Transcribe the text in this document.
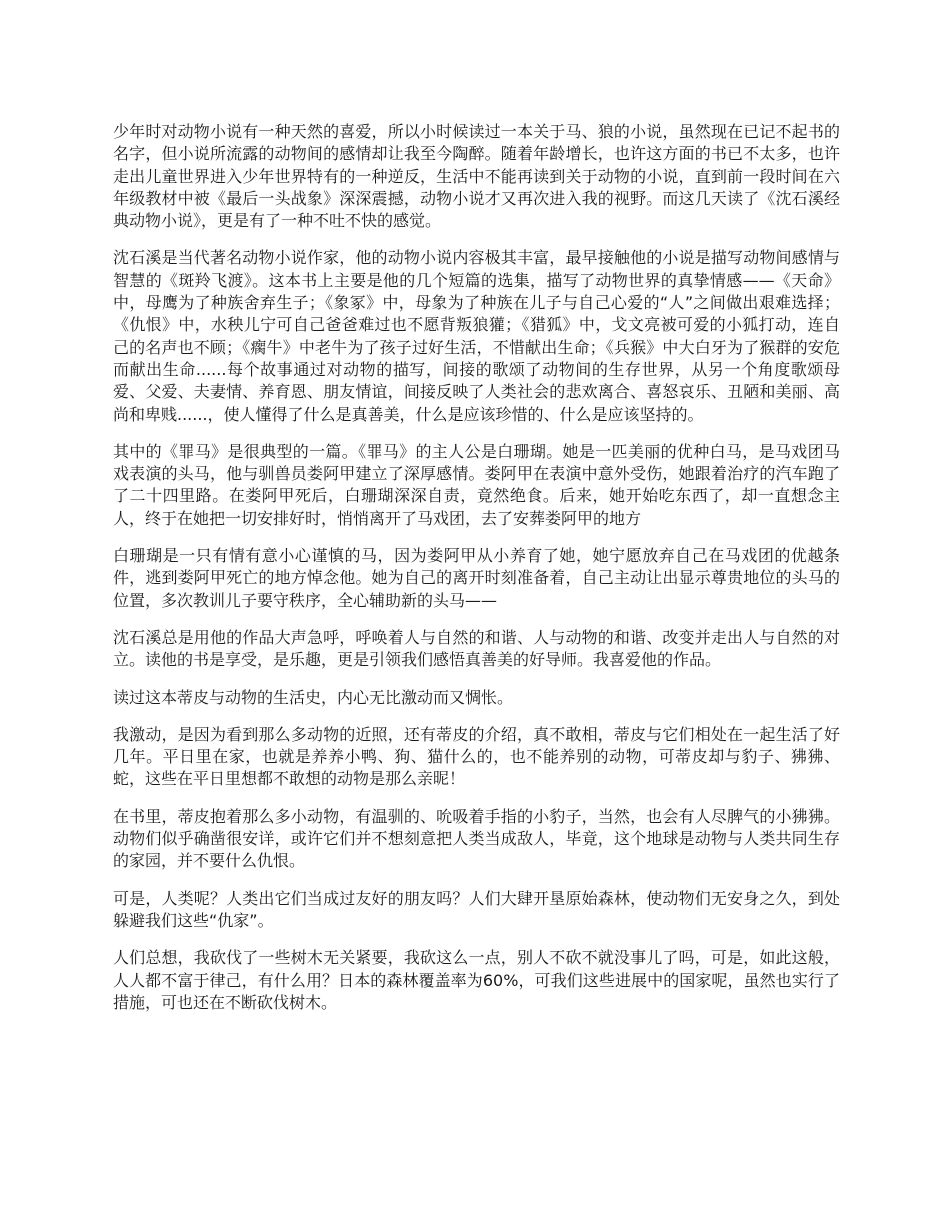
少年时对动物小说有一种天然的喜爱，所以小时候读过一本关于马、狼的小说，虽然现在已记不起书的名字，但小说所流露的动物间的感情却让我至今陶醉。随着年龄增长，也许这方面的书已不太多，也许走出儿童世界进入少年世界特有的一种逆反，生活中不能再读到关于动物的小说，直到前一段时间在六年级教材中被《最后一头战象》深深震撼，动物小说才又再次进入我的视野。而这几天读了《沈石溪经典动物小说》，更是有了一种不吐不快的感觉。

沈石溪是当代著名动物小说作家，他的动物小说内容极其丰富，最早接触他的小说是描写动物间感情与智慧的《斑羚飞渡》。这本书上主要是他的几个短篇的选集，描写了动物世界的真挚情感——《天命》中，母鹰为了种族舍弃生子；《象冢》中，母象为了种族在儿子与自己心爱的“人”之间做出艰难选择；《仇恨》中，水秧儿宁可自己爸爸难过也不愿背叛狼獾；《猎狐》中，戈文亮被可爱的小狐打动，连自己的名声也不顾；《瘸牛》中老牛为了孩子过好生活，不惜献出生命；《兵猴》中大白牙为了猴群的安危而献出生命......每个故事通过对动物的描写，间接的歌颂了动物间的生存世界，从另一个角度歌颂母爱、父爱、夫妻情、养育恩、朋友情谊，间接反映了人类社会的悲欢离合、喜怒哀乐、丑陋和美丽、高尚和卑贱......，使人懂得了什么是真善美，什么是应该珍惜的、什么是应该坚持的。

其中的《罪马》是很典型的一篇。《罪马》的主人公是白珊瑚。她是一匹美丽的优种白马，是马戏团马戏表演的头马，他与驯兽员娄阿甲建立了深厚感情。娄阿甲在表演中意外受伤，她跟着治疗的汽车跑了了二十四里路。在娄阿甲死后，白珊瑚深深自责，竟然绝食。后来，她开始吃东西了，却一直想念主人，终于在她把一切安排好时，悄悄离开了马戏团，去了安葬娄阿甲的地方

白珊瑚是一只有情有意小心谨慎的马，因为娄阿甲从小养育了她，她宁愿放弃自己在马戏团的优越条件，逃到娄阿甲死亡的地方悼念他。她为自己的离开时刻准备着，自己主动让出显示尊贵地位的头马的位置，多次教训儿子要守秩序，全心辅助新的头马——

沈石溪总是用他的作品大声急呼，呼唤着人与自然的和谐、人与动物的和谐、改变并走出人与自然的对立。读他的书是享受，是乐趣，更是引领我们感悟真善美的好导师。我喜爱他的作品。

读过这本蒂皮与动物的生活史，内心无比激动而又惆怅。

我激动，是因为看到那么多动物的近照，还有蒂皮的介绍，真不敢相，蒂皮与它们相处在一起生活了好几年。平日里在家，也就是养养小鸭、狗、猫什么的，也不能养别的动物，可蒂皮却与豹子、狒狒、蛇，这些在平日里想都不敢想的动物是那么亲昵！

在书里，蒂皮抱着那么多小动物，有温驯的、吮吸着手指的小豹子，当然，也会有人尽脾气的小狒狒。动物们似乎确凿很安详，或许它们并不想刻意把人类当成敌人，毕竟，这个地球是动物与人类共同生存的家园，并不要什么仇恨。

可是，人类呢？人类出它们当成过友好的朋友吗？人们大肆开垦原始森林，使动物们无安身之久，到处躲避我们这些“仇家”。

人们总想，我砍伐了一些树木无关紧要，我砍这么一点，别人不砍不就没事儿了吗，可是，如此这般，人人都不富于律己，有什么用？日本的森林覆盖率为60%，可我们这些进展中的国家呢，虽然也实行了措施，可也还在不断砍伐树木。
